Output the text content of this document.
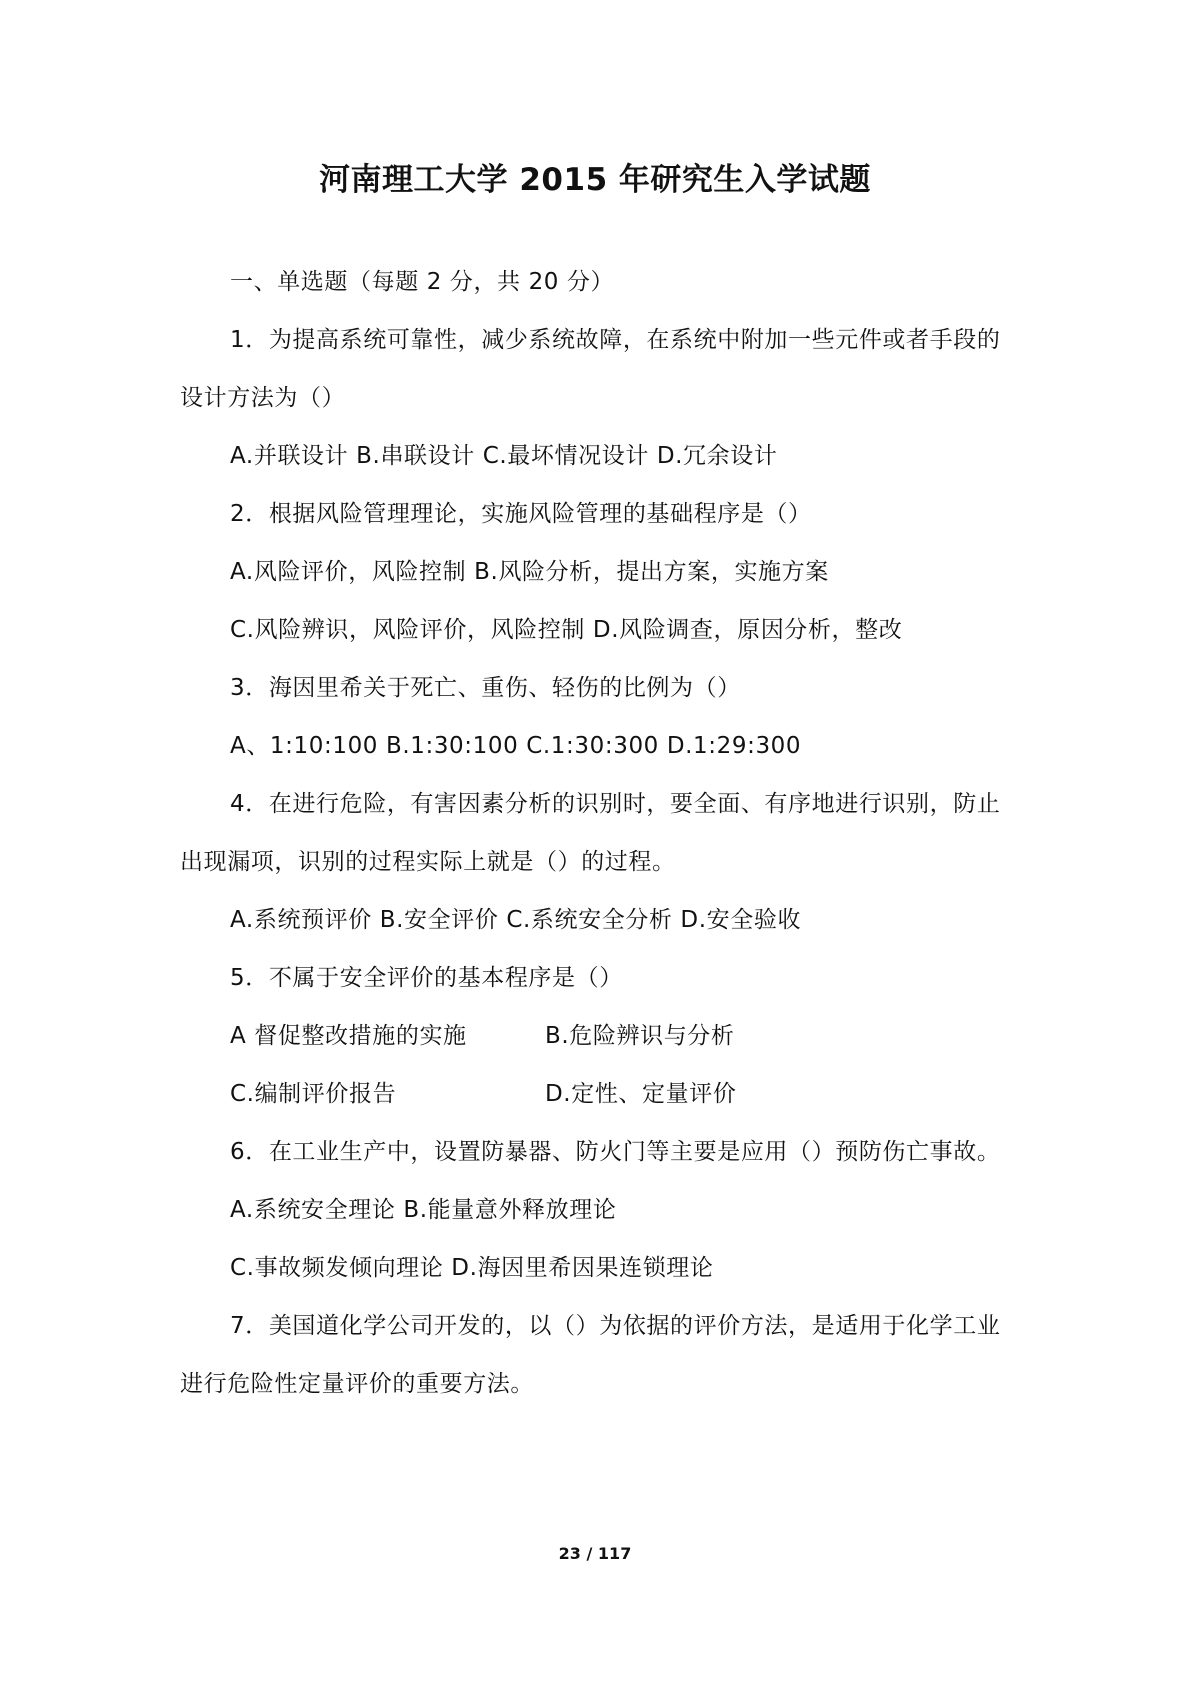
河南理工大学 2015 年研究生入学试题
一、单选题（每题 2 分，共 20 分）
1．为提高系统可靠性，减少系统故障，在系统中附加一些元件或者手段的
设计方法为（）
A.并联设计 B.串联设计 C.最坏情况设计 D.冗余设计
2．根据风险管理理论，实施风险管理的基础程序是（）
A.风险评价，风险控制 B.风险分析，提出方案，实施方案
C.风险辨识，风险评价，风险控制 D.风险调查，原因分析，整改
3．海因里希关于死亡、重伤、轻伤的比例为（）
A、1:10:100 B.1:30:100 C.1:30:300 D.1:29:300
4．在进行危险，有害因素分析的识别时，要全面、有序地进行识别，防止
出现漏项，识别的过程实际上就是（）的过程。
A.系统预评价 B.安全评价 C.系统安全分析 D.安全验收
5．不属于安全评价的基本程序是（）
A 督促整改措施的实施	B.危险辨识与分析
C.编制评价报告	D.定性、定量评价
6．在工业生产中，设置防暴器、防火门等主要是应用（）预防伤亡事故。
A.系统安全理论 B.能量意外释放理论
C.事故频发倾向理论 D.海因里希因果连锁理论
7．美国道化学公司开发的，以（）为依据的评价方法，是适用于化学工业
进行危险性定量评价的重要方法。
23 / 117
